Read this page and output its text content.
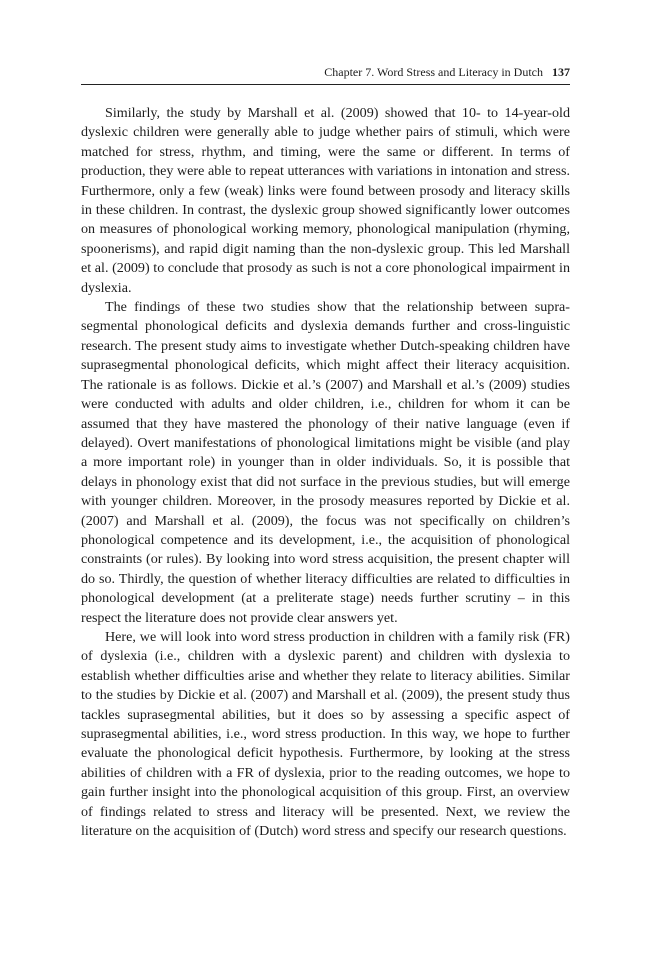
Chapter 7. Word Stress and Literacy in Dutch 137

Similarly, the study by Marshall et al. (2009) showed that 10- to 14-year-old dyslexic children were generally able to judge whether pairs of stimuli, which were matched for stress, rhythm, and timing, were the same or different. In terms of production, they were able to repeat utterances with variations in intonation and stress. Furthermore, only a few (weak) links were found between prosody and literacy skills in these children. In contrast, the dyslexic group showed significantly lower outcomes on measures of phonological working memory, phonological manipulation (rhyming, spoonerisms), and rapid digit naming than the non-dyslexic group. This led Marshall et al. (2009) to conclude that prosody as such is not a core phonological impairment in dyslexia.

The findings of these two studies show that the relationship between suprasegmental phonological deficits and dyslexia demands further and cross-linguistic research. The present study aims to investigate whether Dutch-speaking children have suprasegmental phonological deficits, which might affect their literacy acquisition. The rationale is as follows. Dickie et al.’s (2007) and Marshall et al.’s (2009) studies were conducted with adults and older children, i.e., children for whom it can be assumed that they have mastered the phonology of their native language (even if delayed). Overt manifestations of phonological limitations might be visible (and play a more important role) in younger than in older individuals. So, it is possible that delays in phonology exist that did not surface in the previous studies, but will emerge with younger children. Moreover, in the prosody measures reported by Dickie et al. (2007) and Marshall et al. (2009), the focus was not specifically on children’s phonological competence and its development, i.e., the acquisition of phonological constraints (or rules). By looking into word stress acquisition, the present chapter will do so. Thirdly, the question of whether literacy difficulties are related to difficulties in phonological development (at a preliterate stage) needs further scrutiny – in this respect the literature does not provide clear answers yet.

Here, we will look into word stress production in children with a family risk (FR) of dyslexia (i.e., children with a dyslexic parent) and children with dyslexia to establish whether difficulties arise and whether they relate to literacy abilities. Similar to the studies by Dickie et al. (2007) and Marshall et al. (2009), the present study thus tackles suprasegmental abilities, but it does so by assessing a specific aspect of suprasegmental abilities, i.e., word stress production. In this way, we hope to further evaluate the phonological deficit hypothesis. Furthermore, by looking at the stress abilities of children with a FR of dyslexia, prior to the reading outcomes, we hope to gain further insight into the phonological acquisition of this group. First, an overview of findings related to stress and literacy will be presented. Next, we review the literature on the acquisition of (Dutch) word stress and specify our research questions.
